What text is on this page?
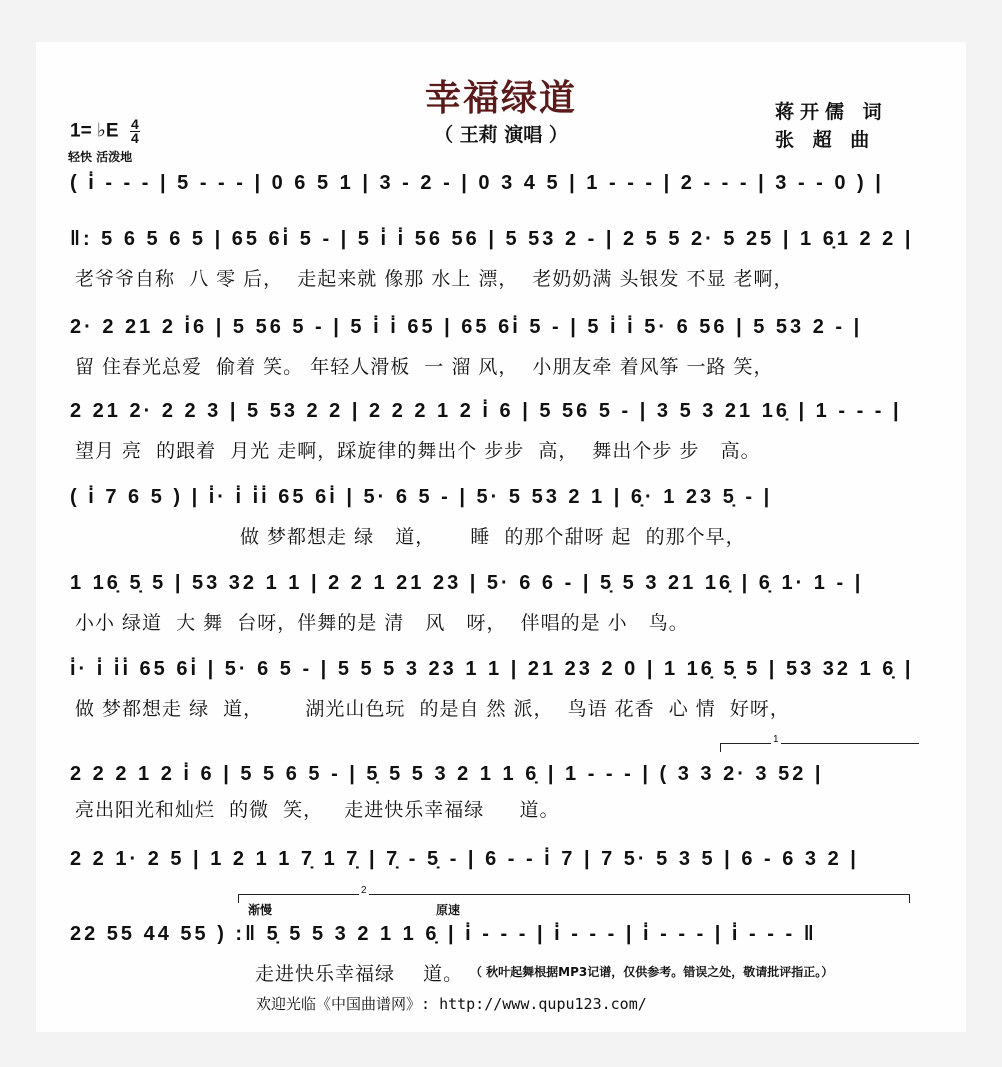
幸福绿道
（ 王莉 演唱 ）
蒋开儒 词
张 超 曲
1= ♭E $\frac{4}{4}$
轻快 活泼地
( i̇ - - - | 5 - - - | 0 6 5 1 | 3 - 2 - | 0 3 4 5 | 1 - - - | 2 - - - | 3 - - 0 ) |
‖: 5 6 5 6 5 | 65 6i̇ 5 - | 5 i̇ i̇ 56 56 | 5 53 2 - | 2 5 5 2· 5 25 | 1 6̣1 2 2 |
老爷爷自称  八 零 后，  走起来就 像那 水上 漂，  老奶奶满 头银发 不显 老啊，
2· 2 21 2 i̇6 | 5 56 5 - | 5 i̇ i̇ 65 | 65 6i̇ 5 - | 5 i̇ i̇ 5· 6 56 | 5 53 2 - |
留 住春光总爱  偷着 笑。 年轻人滑板  一 溜 风，  小朋友牵 着风筝 一路 笑，
2 21 2· 2 2 3 | 5 53 2 2 | 2 2 2 1 2 i̇ 6 | 5 56 5 - | 3 5 3 21 16̣ | 1 - - - |
望月 亮  的跟着  月光 走啊，踩旋律的舞出个 步步  高，  舞出个步 步   高。
( i̇ 7 6 5 ) | i̇· i̇ i̇i̇ 65 6i̇ | 5· 6 5 - | 5· 5 53 2 1 | 6̣· 1 23 5̣ - |
做 梦都想走 绿   道，     睡  的那个甜呀 起  的那个早，
1 16̣ 5̣ 5 | 53 32 1 1 | 2 2 1 21 23 | 5· 6 6 - | 5̣ 5 3 21 16̣ | 6̣ 1· 1 - |
小小 绿道  大 舞  台呀，伴舞的是 清   风   呀，  伴唱的是 小   鸟。
i̇· i̇ i̇i̇ 65 6i̇ | 5· 6 5 - | 5 5 5 3 23 1 1 | 21 23 2 0 | 1 16̣ 5̣ 5 | 53 32 1 6̣ |
做 梦都想走 绿  道，      湖光山色玩  的是自 然 派，  鸟语 花香  心 情  好呀，
2 2 2 1 2 i̇ 6 | 5 5 6 5 - | 5̣ 5 5 3 2 1 1 6̣ | 1 - - - | ( 3 3 2· 3 52 |
亮出阳光和灿烂  的微  笑，   走进快乐幸福绿     道。
2 2 1· 2 5 | 1 2 1 1 7̣ 1 7̣ | 7̣ - 5̣ - | 6 - - i̇ 7 | 7 5· 5 3 5 | 6 - 6 3 2 |
22 55 44 55 ) :‖ 5̣ 5 5 3 2 1 1 6̣ | i̇ - - - | i̇ - - - | i̇ - - - | i̇ - - - ‖
走进快乐幸福绿    道。
1
2
渐慢	原速
（ 秋叶起舞根据MP3记谱，仅供参考。错误之处，敬请批评指正。）
欢迎光临《中国曲谱网》: http://www.qupu123.com/
